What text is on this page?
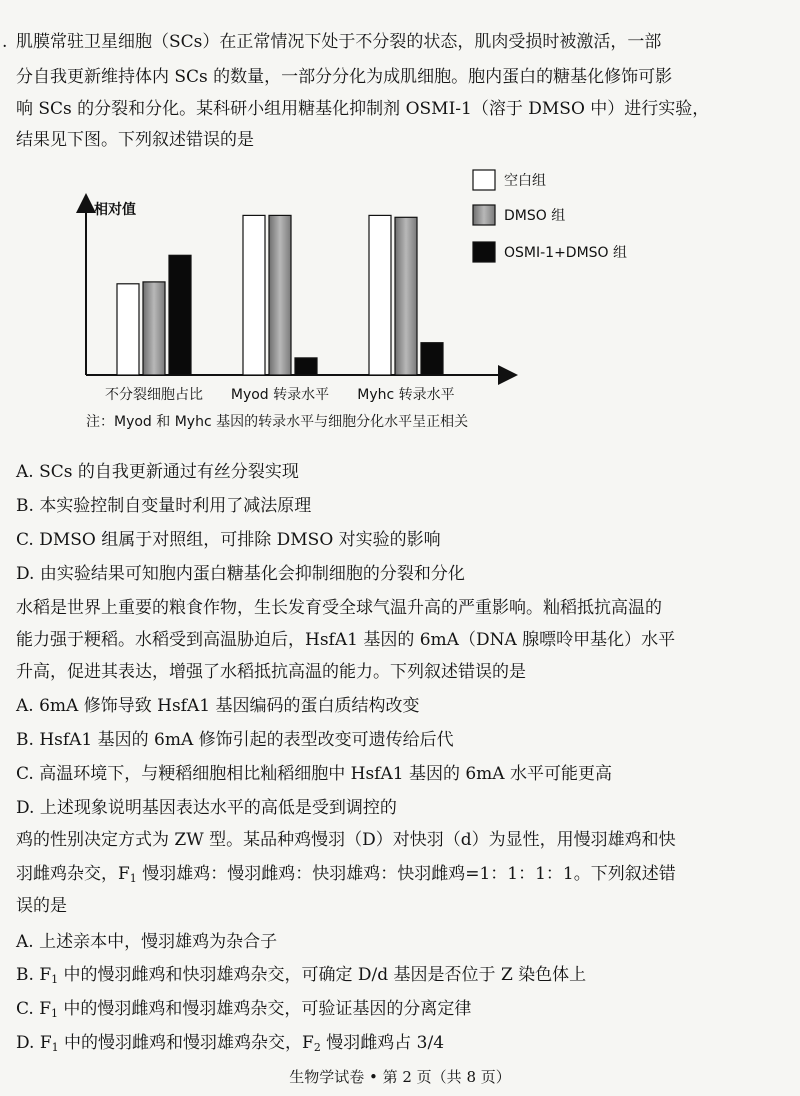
. 肌膜常驻卫星细胞（SCs）在正常情况下处于不分裂的状态，肌肉受损时被激活，一部
分自我更新维持体内 SCs 的数量，一部分分化为成肌细胞。胞内蛋白的糖基化修饰可影
响 SCs 的分裂和分化。某科研小组用糖基化抑制剂 OSMI-1（溶于 DMSO 中）进行实验，
结果见下图。下列叙述错误的是
相对值
不分裂细胞占比 Myod 转录水平 Myhc 转录水平
空白组
DMSO 组
OSMI-1+DMSO 组
注：Myod 和 Myhc 基因的转录水平与细胞分化水平呈正相关
A. SCs 的自我更新通过有丝分裂实现
B. 本实验控制自变量时利用了减法原理
C. DMSO 组属于对照组，可排除 DMSO 对实验的影响
D. 由实验结果可知胞内蛋白糖基化会抑制细胞的分裂和分化
水稻是世界上重要的粮食作物，生长发育受全球气温升高的严重影响。籼稻抵抗高温的
能力强于粳稻。水稻受到高温胁迫后，HsfA1 基因的 6mA（DNA 腺嘌呤甲基化）水平
升高，促进其表达，增强了水稻抵抗高温的能力。下列叙述错误的是
A. 6mA 修饰导致 HsfA1 基因编码的蛋白质结构改变
B. HsfA1 基因的 6mA 修饰引起的表型改变可遗传给后代
C. 高温环境下，与粳稻细胞相比籼稻细胞中 HsfA1 基因的 6mA 水平可能更高
D. 上述现象说明基因表达水平的高低是受到调控的
鸡的性别决定方式为 ZW 型。某品种鸡慢羽（D）对快羽（d）为显性，用慢羽雄鸡和快
羽雌鸡杂交，$F_1$ 慢羽雄鸡：慢羽雌鸡：快羽雄鸡：快羽雌鸡=1：1：1：1。下列叙述错
误的是
A. 上述亲本中，慢羽雄鸡为杂合子
B. $F_1$ 中的慢羽雌鸡和快羽雄鸡杂交，可确定 D/d 基因是否位于 Z 染色体上
C. $F_1$ 中的慢羽雌鸡和慢羽雄鸡杂交，可验证基因的分离定律
D. $F_1$ 中的慢羽雌鸡和慢羽雄鸡杂交，$F_2$ 慢羽雌鸡占 3/4
生物学试卷 • 第 2 页（共 8 页）
